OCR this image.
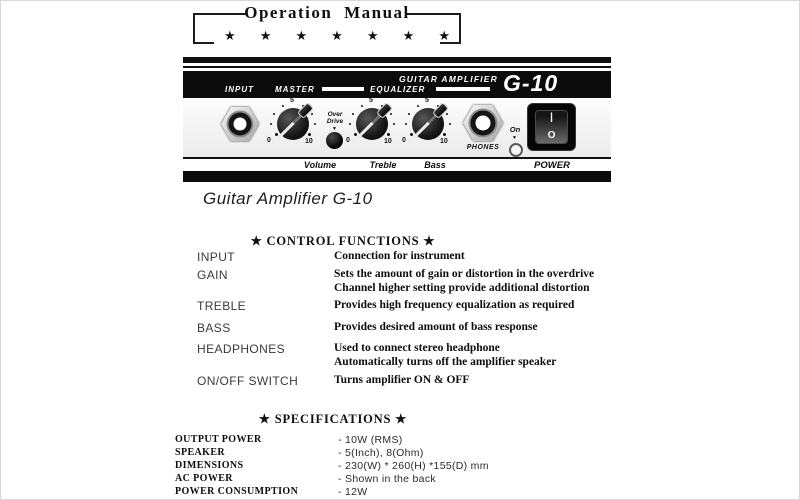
Operation Manual
★ ★ ★ ★ ★ ★ ★
INPUT	MASTER	EQUALIZER
GUITAR AMPLIFIER G-10
5
0	10
Over
Drive
▼
5
0	10
5
0	10
PHONES
On
▼
|
O
Volume	Treble	Bass	POWER
Guitar Amplifier G-10
★ CONTROL FUNCTIONS ★
INPUT	Connection for instrument
GAIN	Sets the amount of gain or distortion in the overdrive
Channel higher setting provide additional distortion
TREBLE	Provides high frequency equalization as required
BASS	Provides desired amount of bass response
HEADPHONES	Used to connect stereo headphone
Automatically turns off the amplifier speaker
ON/OFF SWITCH	Turns amplifier ON & OFF
★ SPECIFICATIONS ★
OUTPUT POWER	- 10W (RMS)
SPEAKER	- 5(Inch), 8(Ohm)
DIMENSIONS	- 230(W) * 260(H) *155(D) mm
AC POWER	- Shown in the back
POWER CONSUMPTION	- 12W
